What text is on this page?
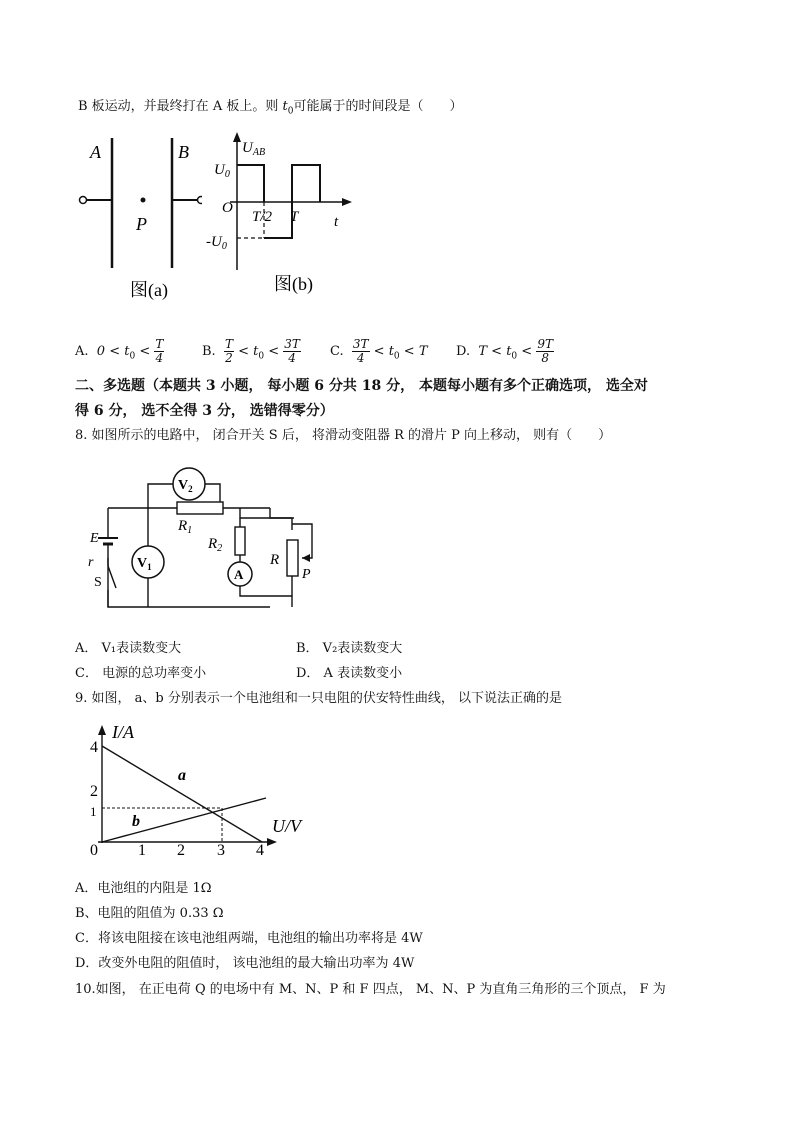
B 板运动，并最终打在 A 板上。则 $t_0$可能属于的时间段是（　　）
A	B
P
图(a)
$U_{AB}$
$U_0$
O
T/2 T t
$-U_0$
图(b)
A. $0 < t_0 < \frac{T}{4}$	B. $\frac{T}{2} < t_0 < \frac{3T}{4} C$. $\frac{3T}{4} < t_0 < T$ D. $T < t_0 < \frac{9T}{8}$
二、多选题（本题共 3 小题， 每小题 6 分共 18 分， 本题每小题有多个正确选项， 选全对
得 6 分， 选不全得 3 分， 选错得零分）
8. 如图所示的电路中， 闭合开关 S 后， 将滑动变阻器 R 的滑片 P 向上移动， 则有（　　）
$V_2$
$V_1$	A
$R_1$
$R_2$
R
P
E
r
S
A． V₁表读数变大	B． V₂表读数变大
C． 电源的总功率变小	D． A 表读数变小
9. 如图， a、b 分别表示一个电池组和一只电阻的伏安特性曲线， 以下说法正确的是
I/A
U/V
4
2
1
0	1 2 3 4
a
b
A．电池组的内阻是 1Ω
B、电阻的阻值为 0.33 Ω
C．将该电阻接在该电池组两端，电池组的输出功率将是 4W
D．改变外电阻的阻值时， 该电池组的最大输出功率为 4W
10.如图， 在正电荷 Q 的电场中有 M、N、P 和 F 四点， M、N、P 为直角三角形的三个顶点， F 为
